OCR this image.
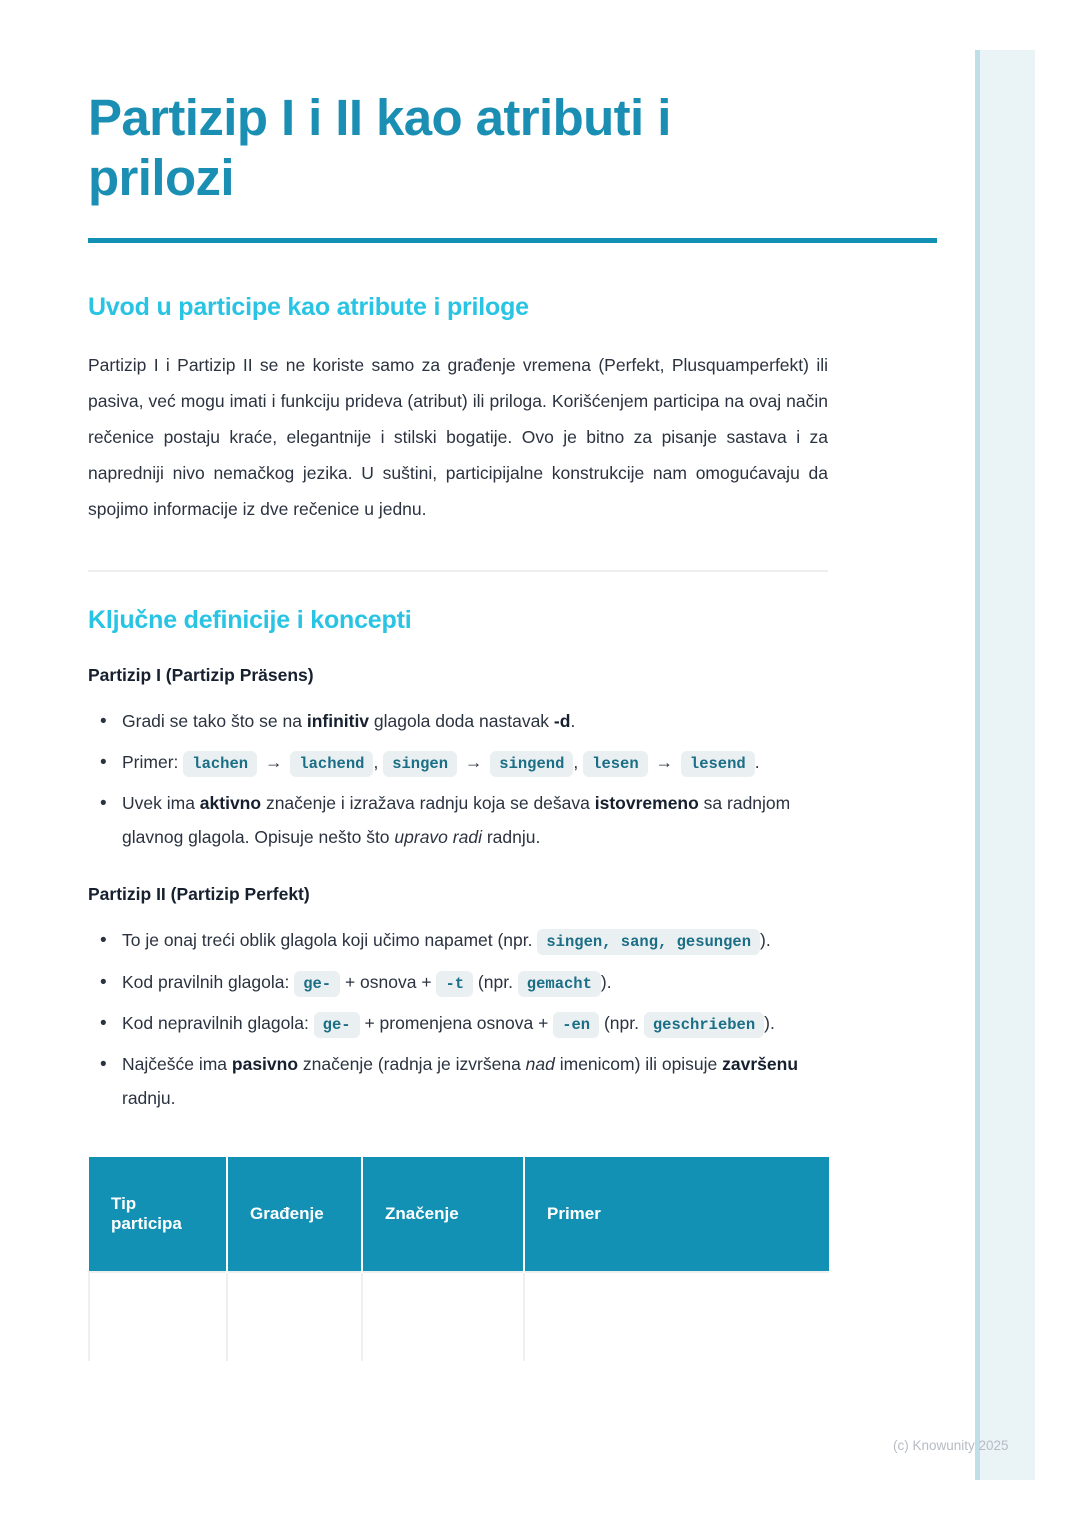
Partizip I i II kao atributi i prilozi
Uvod u participe kao atribute i priloge

Partizip I i Partizip II se ne koriste samo za građenje vremena (Perfekt, Plusquamperfekt) ili pasiva, već mogu imati i funkciju prideva (atribut) ili priloga. Korišćenjem participa na ovaj način rečenice postaju kraće, elegantnije i stilski bogatije. Ovo je bitno za pisanje sastava i za napredniji nivo nemačkog jezika. U suštini, participijalne konstrukcije nam omogućavaju da spojimo informacije iz dve rečenice u jednu.

Ključne definicije i koncepti
Partizip I (Partizip Präsens)
• Gradi se tako što se na infinitiv glagola doda nastavak -d.
• Primer: lachen → lachend , singen → singend , lesen → lesend .
• Uvek ima aktivno značenje i izražava radnju koja se dešava istovremeno sa radnjom glavnog glagola. Opisuje nešto što upravo radi radnju.
Partizip II (Partizip Perfekt)
• To je onaj treći oblik glagola koji učimo napamet (npr. singen, sang, gesungen ).
• Kod pravilnih glagola: ge- + osnova + -t (npr. gemacht ).
• Kod nepravilnih glagola: ge- + promenjena osnova + -en (npr. geschrieben ).
• Najčešće ima pasivno značenje (radnja je izvršena nad imenicom) ili opisuje završenu radnju.
Tip participa	Građenje	Značenje	Primer

(c) Knowunity 2025
